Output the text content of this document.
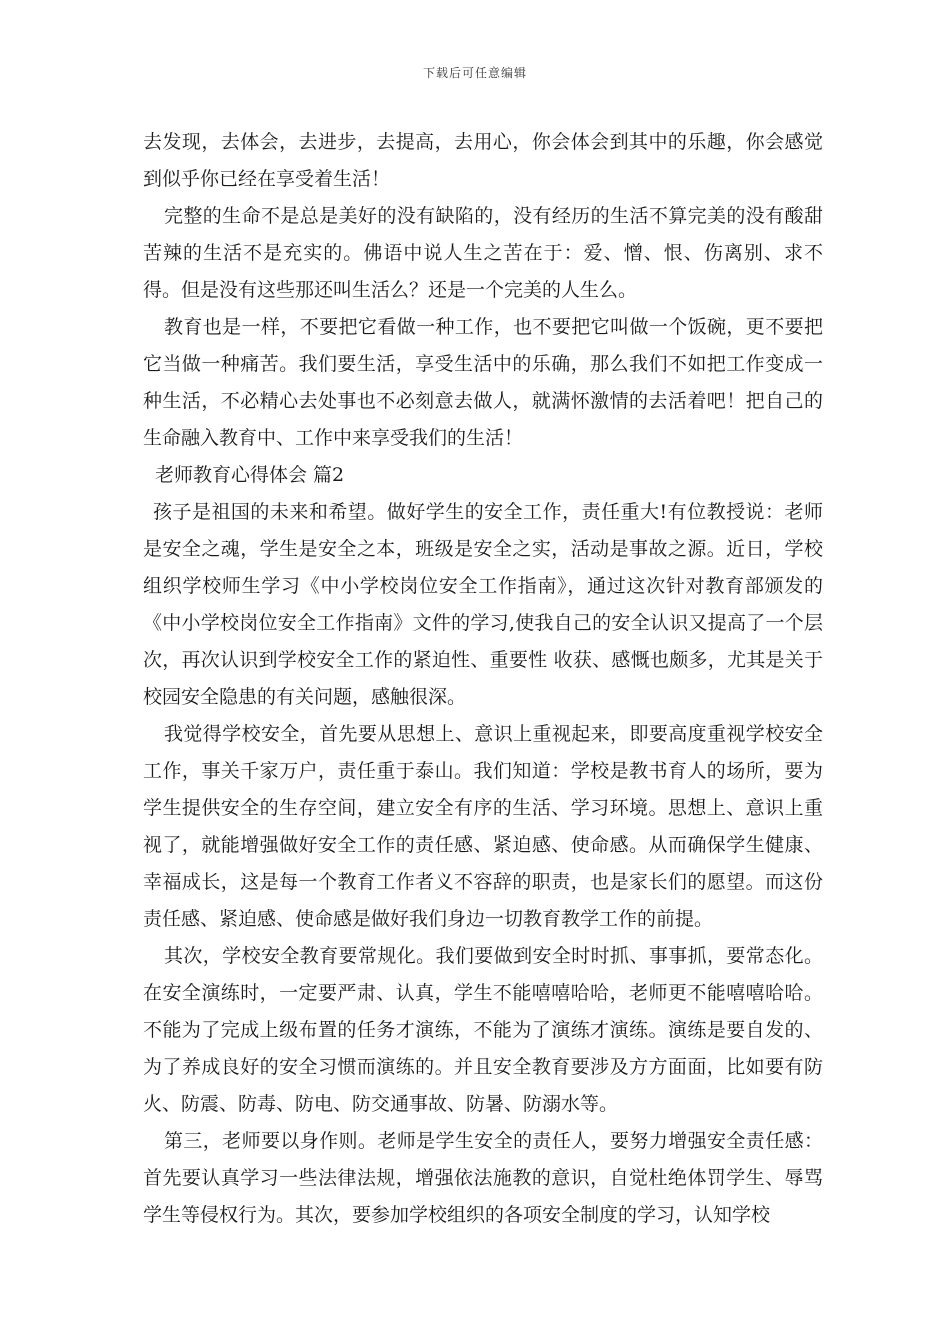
下载后可任意编辑

去发现，去体会，去进步，去提高，去用心，你会体会到其中的乐趣，你会感觉到似乎你已经在享受着生活！

完整的生命不是总是美好的没有缺陷的，没有经历的生活不算完美的没有酸甜苦辣的生活不是充实的。佛语中说人生之苦在于：爱、憎、恨、伤离别、求不得。但是没有这些那还叫生活么？还是一个完美的人生么。

教育也是一样，不要把它看做一种工作，也不要把它叫做一个饭碗，更不要把它当做一种痛苦。我们要生活，享受生活中的乐确，那么我们不如把工作变成一种生活，不必精心去处事也不必刻意去做人，就满怀激情的去活着吧！把自己的生命融入教育中、工作中来享受我们的生活！

老师教育心得体会 篇2

孩子是祖国的未来和希望。做好学生的安全工作，责任重大!有位教授说：老师是安全之魂，学生是安全之本，班级是安全之实，活动是事故之源。近日，学校组织学校师生学习《中小学校岗位安全工作指南》，通过这次针对教育部颁发的《中小学校岗位安全工作指南》文件的学习,使我自己的安全认识又提高了一个层次，再次认识到学校安全工作的紧迫性、重要性 收获、感慨也颇多，尤其是关于校园安全隐患的有关问题，感触很深。

我觉得学校安全，首先要从思想上、意识上重视起来，即要高度重视学校安全工作，事关千家万户，责任重于泰山。我们知道：学校是教书育人的场所，要为学生提供安全的生存空间，建立安全有序的生活、学习环境。思想上、意识上重视了，就能增强做好安全工作的责任感、紧迫感、使命感。从而确保学生健康、幸福成长，这是每一个教育工作者义不容辞的职责，也是家长们的愿望。而这份责任感、紧迫感、使命感是做好我们身边一切教育教学工作的前提。

其次，学校安全教育要常规化。我们要做到安全时时抓、事事抓，要常态化。在安全演练时，一定要严肃、认真，学生不能嘻嘻哈哈，老师更不能嘻嘻哈哈。不能为了完成上级布置的任务才演练，不能为了演练才演练。演练是要自发的、为了养成良好的安全习惯而演练的。并且安全教育要涉及方方面面，比如要有防火、防震、防毒、防电、防交通事故、防暑、防溺水等。

第三，老师要以身作则。老师是学生安全的责任人，要努力增强安全责任感：首先要认真学习一些法律法规，增强依法施教的意识，自觉杜绝体罚学生、辱骂学生等侵权行为。其次，要参加学校组织的各项安全制度的学习，认知学校
